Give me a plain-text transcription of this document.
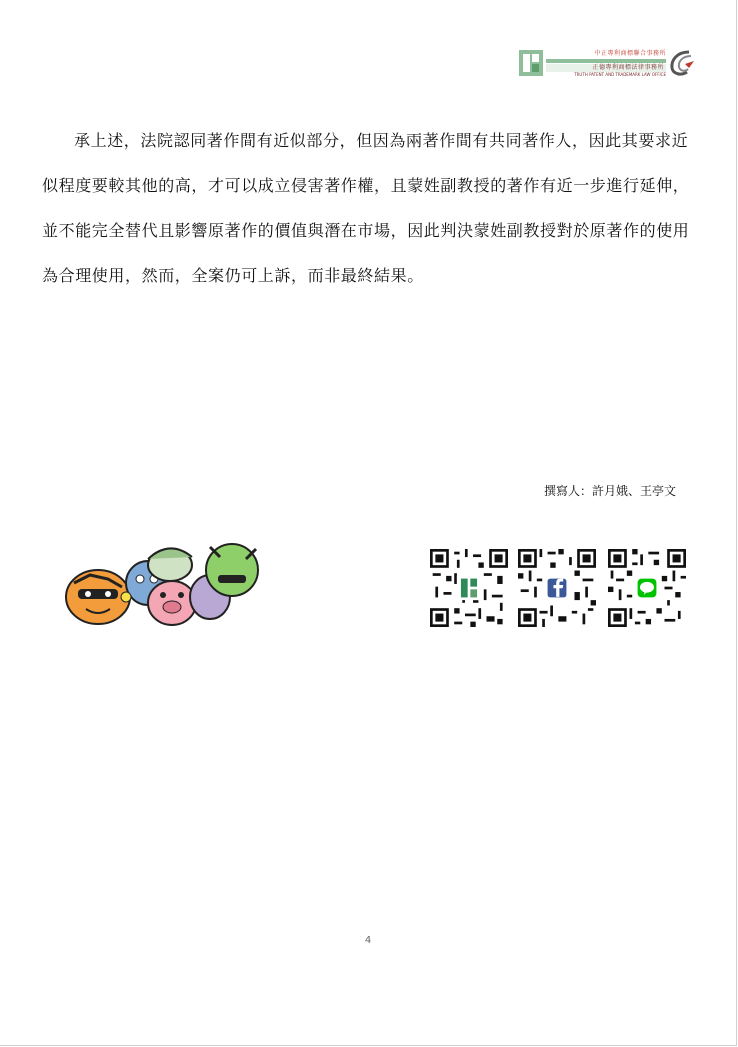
中正專利商標聯合事務所
正德專利商標法律事務所
TRUTH PATENT AND TRADEMARK LAW OFFICE

承上述，法院認同著作間有近似部分，但因為兩著作間有共同著作人，因此其要求近似程度要較其他的高，才可以成立侵害著作權，且蒙姓副教授的著作有近一步進行延伸，並不能完全替代且影響原著作的價值與潛在市場，因此判決蒙姓副教授對於原著作的使用為合理使用，然而，全案仍可上訴，而非最終結果。

撰寫人：許月娥、王亭文
4
